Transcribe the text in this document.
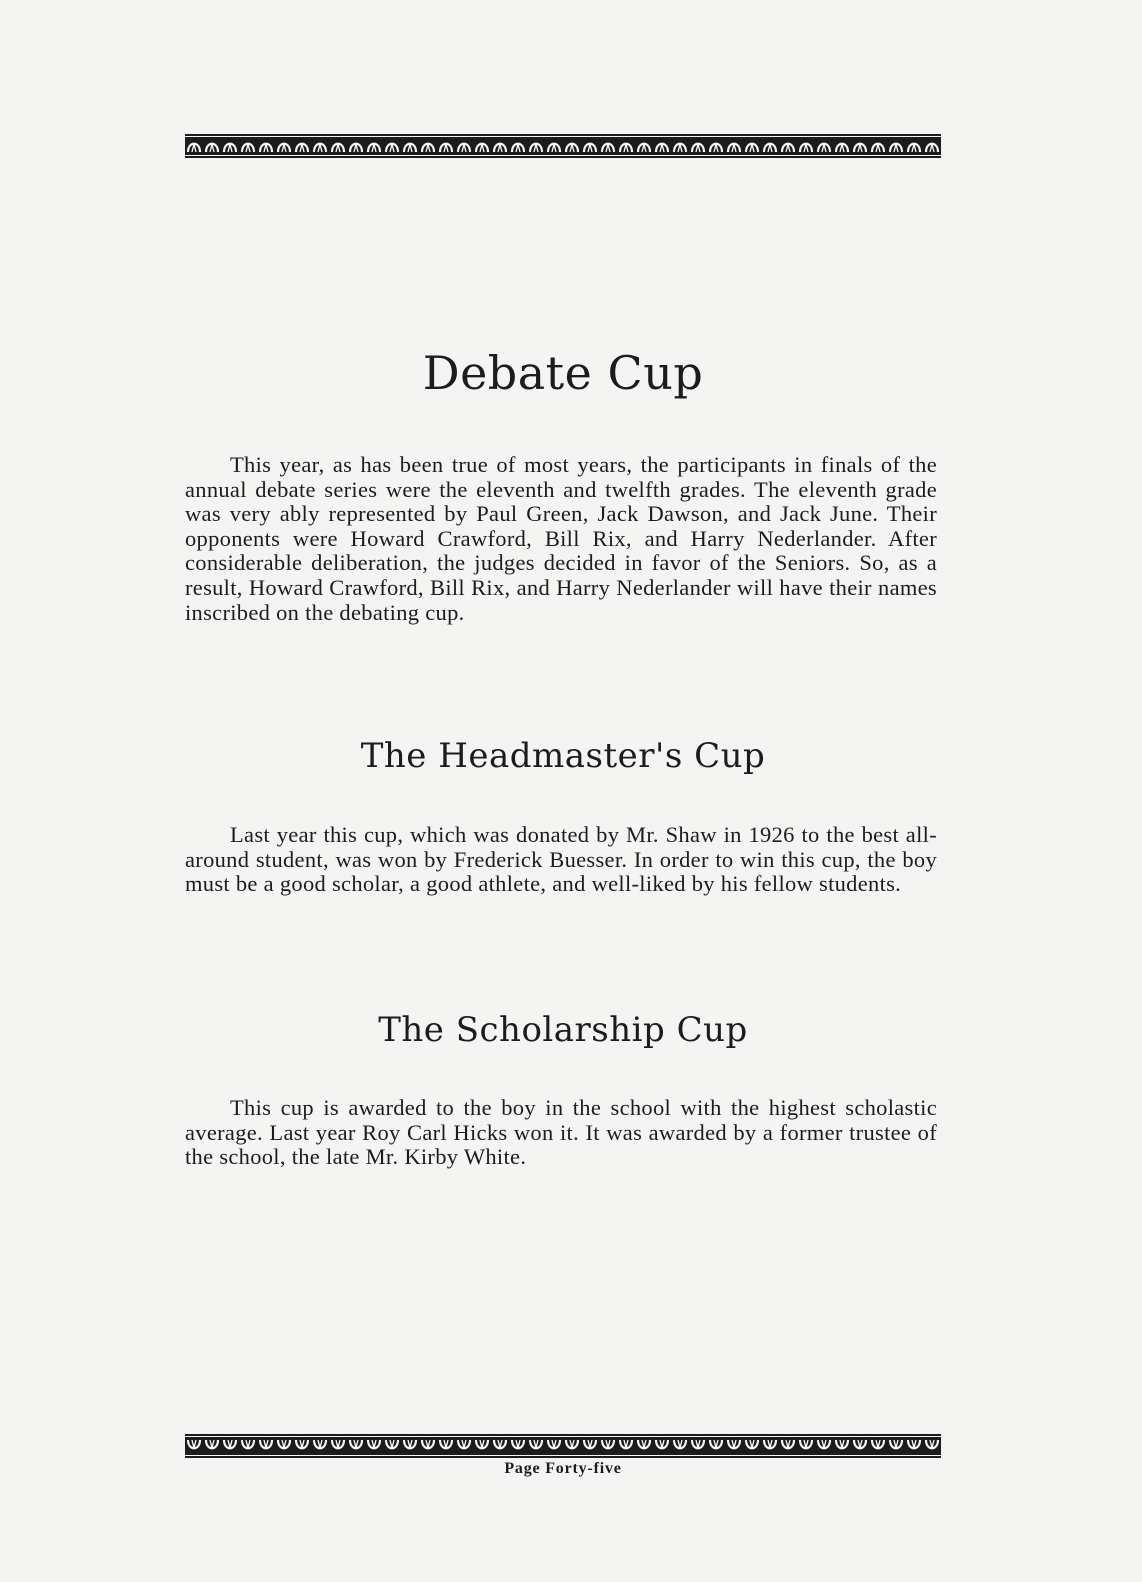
Debate Cup

This year, as has been true of most years, the participants in finals of the annual debate series were the eleventh and twelfth grades. The eleventh grade was very ably represented by Paul Green, Jack Dawson, and Jack June. Their opponents were Howard Crawford, Bill Rix, and Harry Nederlander. After considerable deliberation, the judges decided in favor of the Seniors. So, as a result, Howard Crawford, Bill Rix, and Harry Nederlander will have their names inscribed on the debating cup.

The Headmaster's Cup

Last year this cup, which was donated by Mr. Shaw in 1926 to the best all-around student, was won by Frederick Buesser. In order to win this cup, the boy must be a good scholar, a good athlete, and well-liked by his fellow students.

The Scholarship Cup

This cup is awarded to the boy in the school with the highest scholastic average. Last year Roy Carl Hicks won it. It was awarded by a former trustee of the school, the late Mr. Kirby White.

Page Forty-five
